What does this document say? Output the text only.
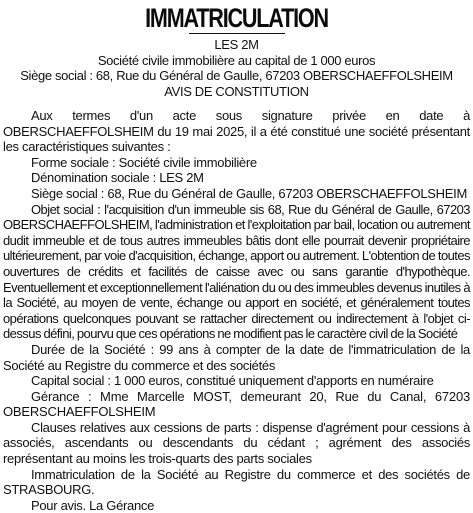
IMMATRICULATION
LES 2M
Société civile immobilière au capital de 1 000 euros
Siège social : 68, Rue du Général de Gaulle, 67203 OBERSCHAEFFOLSHEIM
AVIS DE CONSTITUTION

Aux termes d'un acte sous signature privée en date à OBERSCHAEFFOLSHEIM du 19 mai 2025, il a été constitué une société présentant les caractéristiques suivantes :

Forme sociale : Société civile immobilière

Dénomination sociale : LES 2M

Siège social : 68, Rue du Général de Gaulle, 67203 OBERSCHAEFFOLSHEIM

Objet social : l'acquisition d'un immeuble sis 68, Rue du Général de Gaulle, 67203 OBERSCHAEFFOLSHEIM, l'administration et l'exploitation par bail, location ou autrement dudit immeuble et de tous autres immeubles bâtis dont elle pourrait devenir propriétaire ultérieurement, par voie d'acquisition, échange, apport ou autrement. L'obtention de toutes ouvertures de crédits et facilités de caisse avec ou sans garantie d'hypothèque. Eventuellement et exceptionnellement l'aliénation du ou des immeubles devenus inutiles à la Société, au moyen de vente, échange ou apport en société, et généralement toutes opérations quelconques pouvant se rattacher directement ou indirectement à l'objet ci-dessus défini, pourvu que ces opérations ne modifient pas le caractère civil de la Société

Durée de la Société : 99 ans à compter de la date de l'immatriculation de la Société au Registre du commerce et des sociétés

Capital social : 1 000 euros, constitué uniquement d'apports en numéraire

Gérance : Mme Marcelle MOST, demeurant 20, Rue du Canal, 67203 OBERSCHAEFFOLSHEIM

Clauses relatives aux cessions de parts : dispense d'agrément pour cessions à associés, ascendants ou descendants du cédant ; agrément des associés représentant au moins les trois-quarts des parts sociales

Immatriculation de la Société au Registre du commerce et des sociétés de STRASBOURG.

Pour avis. La Gérance
